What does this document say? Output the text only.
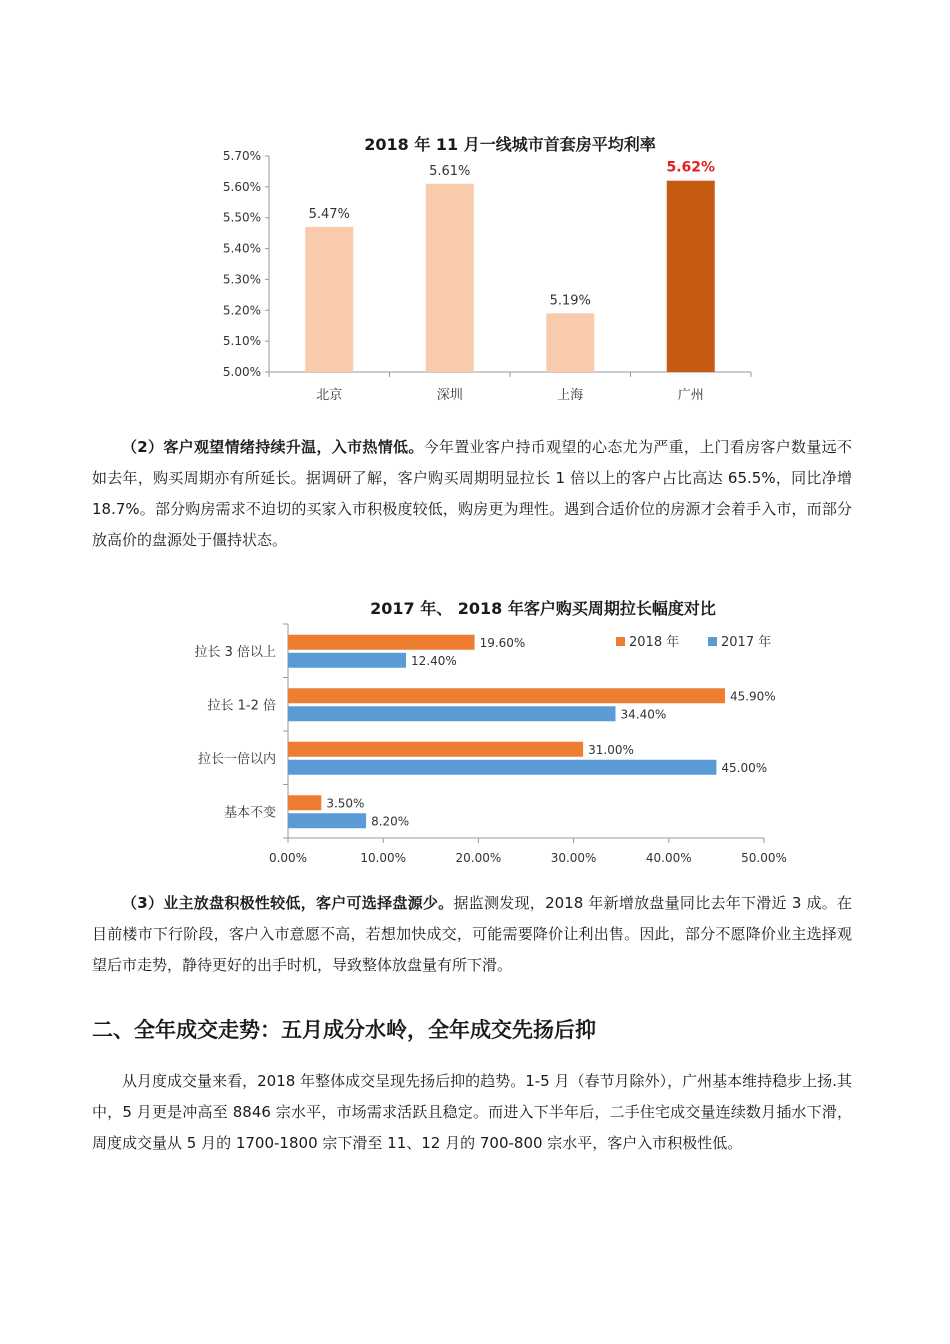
2018 年 11 月一线城市首套房平均利率
5.00%
5.10%
5.20%
5.30%
5.40%
5.50%
5.60%
5.70%
5.47%
北京
5.61%
深圳
5.19%
上海
5.62%
广州
2017 年、 2018 年客户购买周期拉长幅度对比
0.00%	10.00%	20.00%	30.00%	40.00%	50.00%
拉长 3 倍以上
19.60%
12.40%
拉长 1-2 倍
45.90%
34.40%
拉长一倍以内
31.00%
45.00%
基本不变
3.50%
8.20%
2018 年	2017 年

（2）客户观望情绪持续升温，入市热情低。今年置业客户持币观望的心态尤为严重，上门看房客户数量远不如去年，购买周期亦有所延长。据调研了解，客户购买周期明显拉长 1 倍以上的客户占比高达 65.5%，同比净增 18.7%。部分购房需求不迫切的买家入市积极度较低，购房更为理性。遇到合适价位的房源才会着手入市，而部分放高价的盘源处于僵持状态。

（3）业主放盘积极性较低，客户可选择盘源少。据监测发现，2018 年新增放盘量同比去年下滑近 3 成。在目前楼市下行阶段，客户入市意愿不高，若想加快成交，可能需要降价让利出售。因此，部分不愿降价业主选择观望后市走势，静待更好的出手时机，导致整体放盘量有所下滑。

二、全年成交走势：五月成分水岭，全年成交先扬后抑

从月度成交量来看，2018 年整体成交呈现先扬后抑的趋势。1-5 月（春节月除外），广州基本维持稳步上扬.其中，5 月更是冲高至 8846 宗水平，市场需求活跃且稳定。而进入下半年后，二手住宅成交量连续数月插水下滑，周度成交量从 5 月的 1700-1800 宗下滑至 11、12 月的 700-800 宗水平，客户入市积极性低。
